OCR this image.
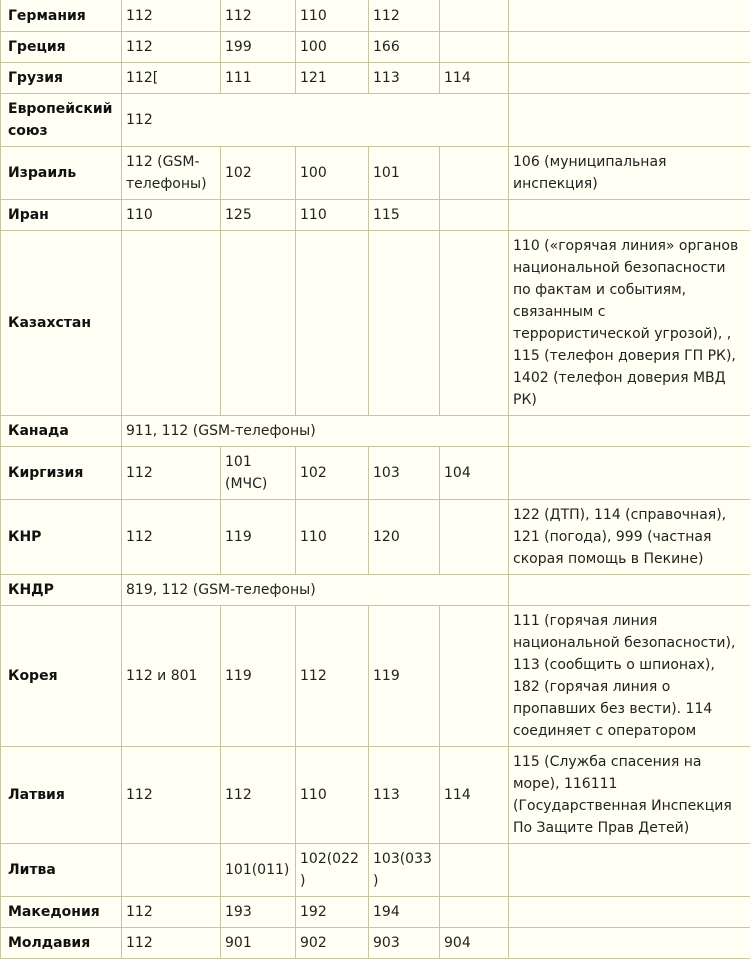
Германия	112	112	110	112		
Греция	112	199	100	166		
Грузия	112[	111	121	113	114	
Европейский союз	112					
Израиль	112 (GSM-телефоны)	102	100	101		106 (муниципальная инспекция)
Иран	110	125	110	115		
Казахстан						110 («горячая линия» органов национальной безопасности по фактам и событиям, связанным с террористической угрозой), , 115 (телефон доверия ГП РК), 1402 (телефон доверия МВД РК)
Канада	911, 112 (GSM-телефоны)					
Киргизия	112	101 (МЧС)	102	103	104	
КНР	112	119	110	120		122 (ДТП), 114 (справочная), 121 (погода), 999 (частная скорая помощь в Пекине)
КНДР	819, 112 (GSM-телефоны)					
Корея	112 и 801	119	112	119		111 (горячая линия национальной безопасности), 113 (сообщить о шпионах), 182 (горячая линия о пропавших без вести). 114 соединяет с оператором
Латвия	112	112	110	113	114	115 (Служба спасения на море), 116111 (Государственная Инспекция По Защите Прав Детей)
Литва		101(011)	102(022)	103(033)		
Македония	112	193	192	194		
Молдавия	112	901	902	903	904	
